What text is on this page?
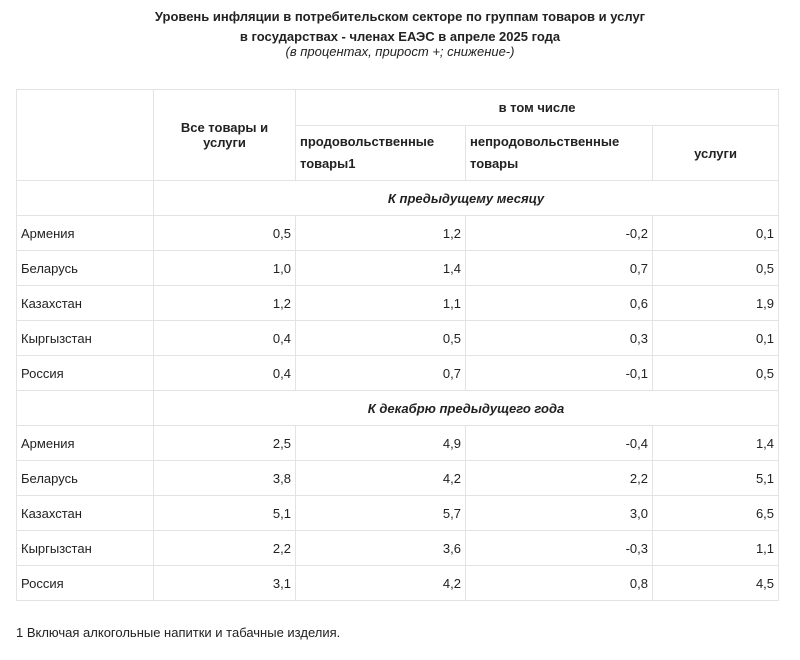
Уровень инфляции в потребительском секторе по группам товаров и услуг
в государствах - членах ЕАЭС в апреле 2025 года
(в процентах, прирост +; снижение-)
	Все товары и услуги	в том числе		
		продовольственные товары1	непродовольственные товары	услуги
	К предыдущему месяцу			
Армения	0,5	1,2	-0,2	0,1
Беларусь	1,0	1,4	0,7	0,5
Казахстан	1,2	1,1	0,6	1,9
Кыргызстан	0,4	0,5	0,3	0,1
Россия	0,4	0,7	-0,1	0,5
	К декабрю предыдущего года			
Армения	2,5	4,9	-0,4	1,4
Беларусь	3,8	4,2	2,2	5,1
Казахстан	5,1	5,7	3,0	6,5
Кыргызстан	2,2	3,6	-0,3	1,1
Россия	3,1	4,2	0,8	4,5
1 Включая алкогольные напитки и табачные изделия.
